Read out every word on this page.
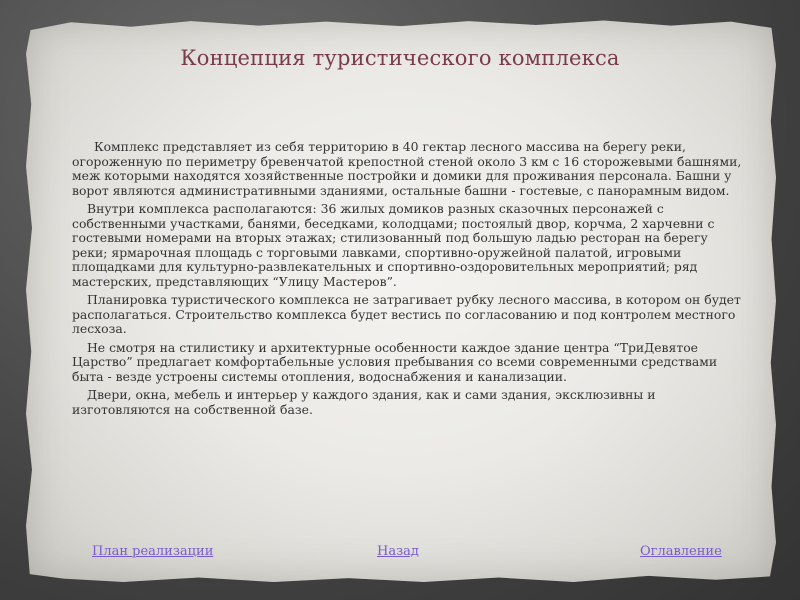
Концепция туристического комплекса

Комплекс представляет из себя территорию в 40 гектар лесного массива на берегу реки, огороженную по периметру бревенчатой крепостной стеной около 3 км с 16 сторожевыми башнями, меж которыми находятся хозяйственные постройки и домики для проживания персонала. Башни у ворот являются административными зданиями, остальные башни - гостевые, с панорамным видом.

Внутри комплекса располагаются: 36 жилых домиков разных сказочных персонажей с собственными участками, банями, беседками, колодцами; постоялый двор, корчма, 2 харчевни с гостевыми номерами на вторых этажах; стилизованный под большую ладью ресторан на берегу реки; ярмарочная площадь с торговыми лавками, спортивно-оружейной палатой, игровыми площадками для культурно-развлекательных и спортивно-оздоровительных мероприятий; ряд мастерских, представляющих “Улицу Мастеров”.

Планировка туристического комплекса не затрагивает рубку лесного массива, в котором он будет располагаться. Строительство комплекса будет вестись по согласованию и под контролем местного лесхоза.

Не смотря на стилистику и архитектурные особенности каждое здание центра “ТриДевятое Царство” предлагает комфортабельные условия пребывания со всеми современными средствами быта - везде устроены системы отопления, водоснабжения и канализации.

Двери, окна, мебель и интерьер у каждого здания, как и сами здания, эксклюзивны и изготовляются на собственной базе.

План реализации	Назад	Оглавление
